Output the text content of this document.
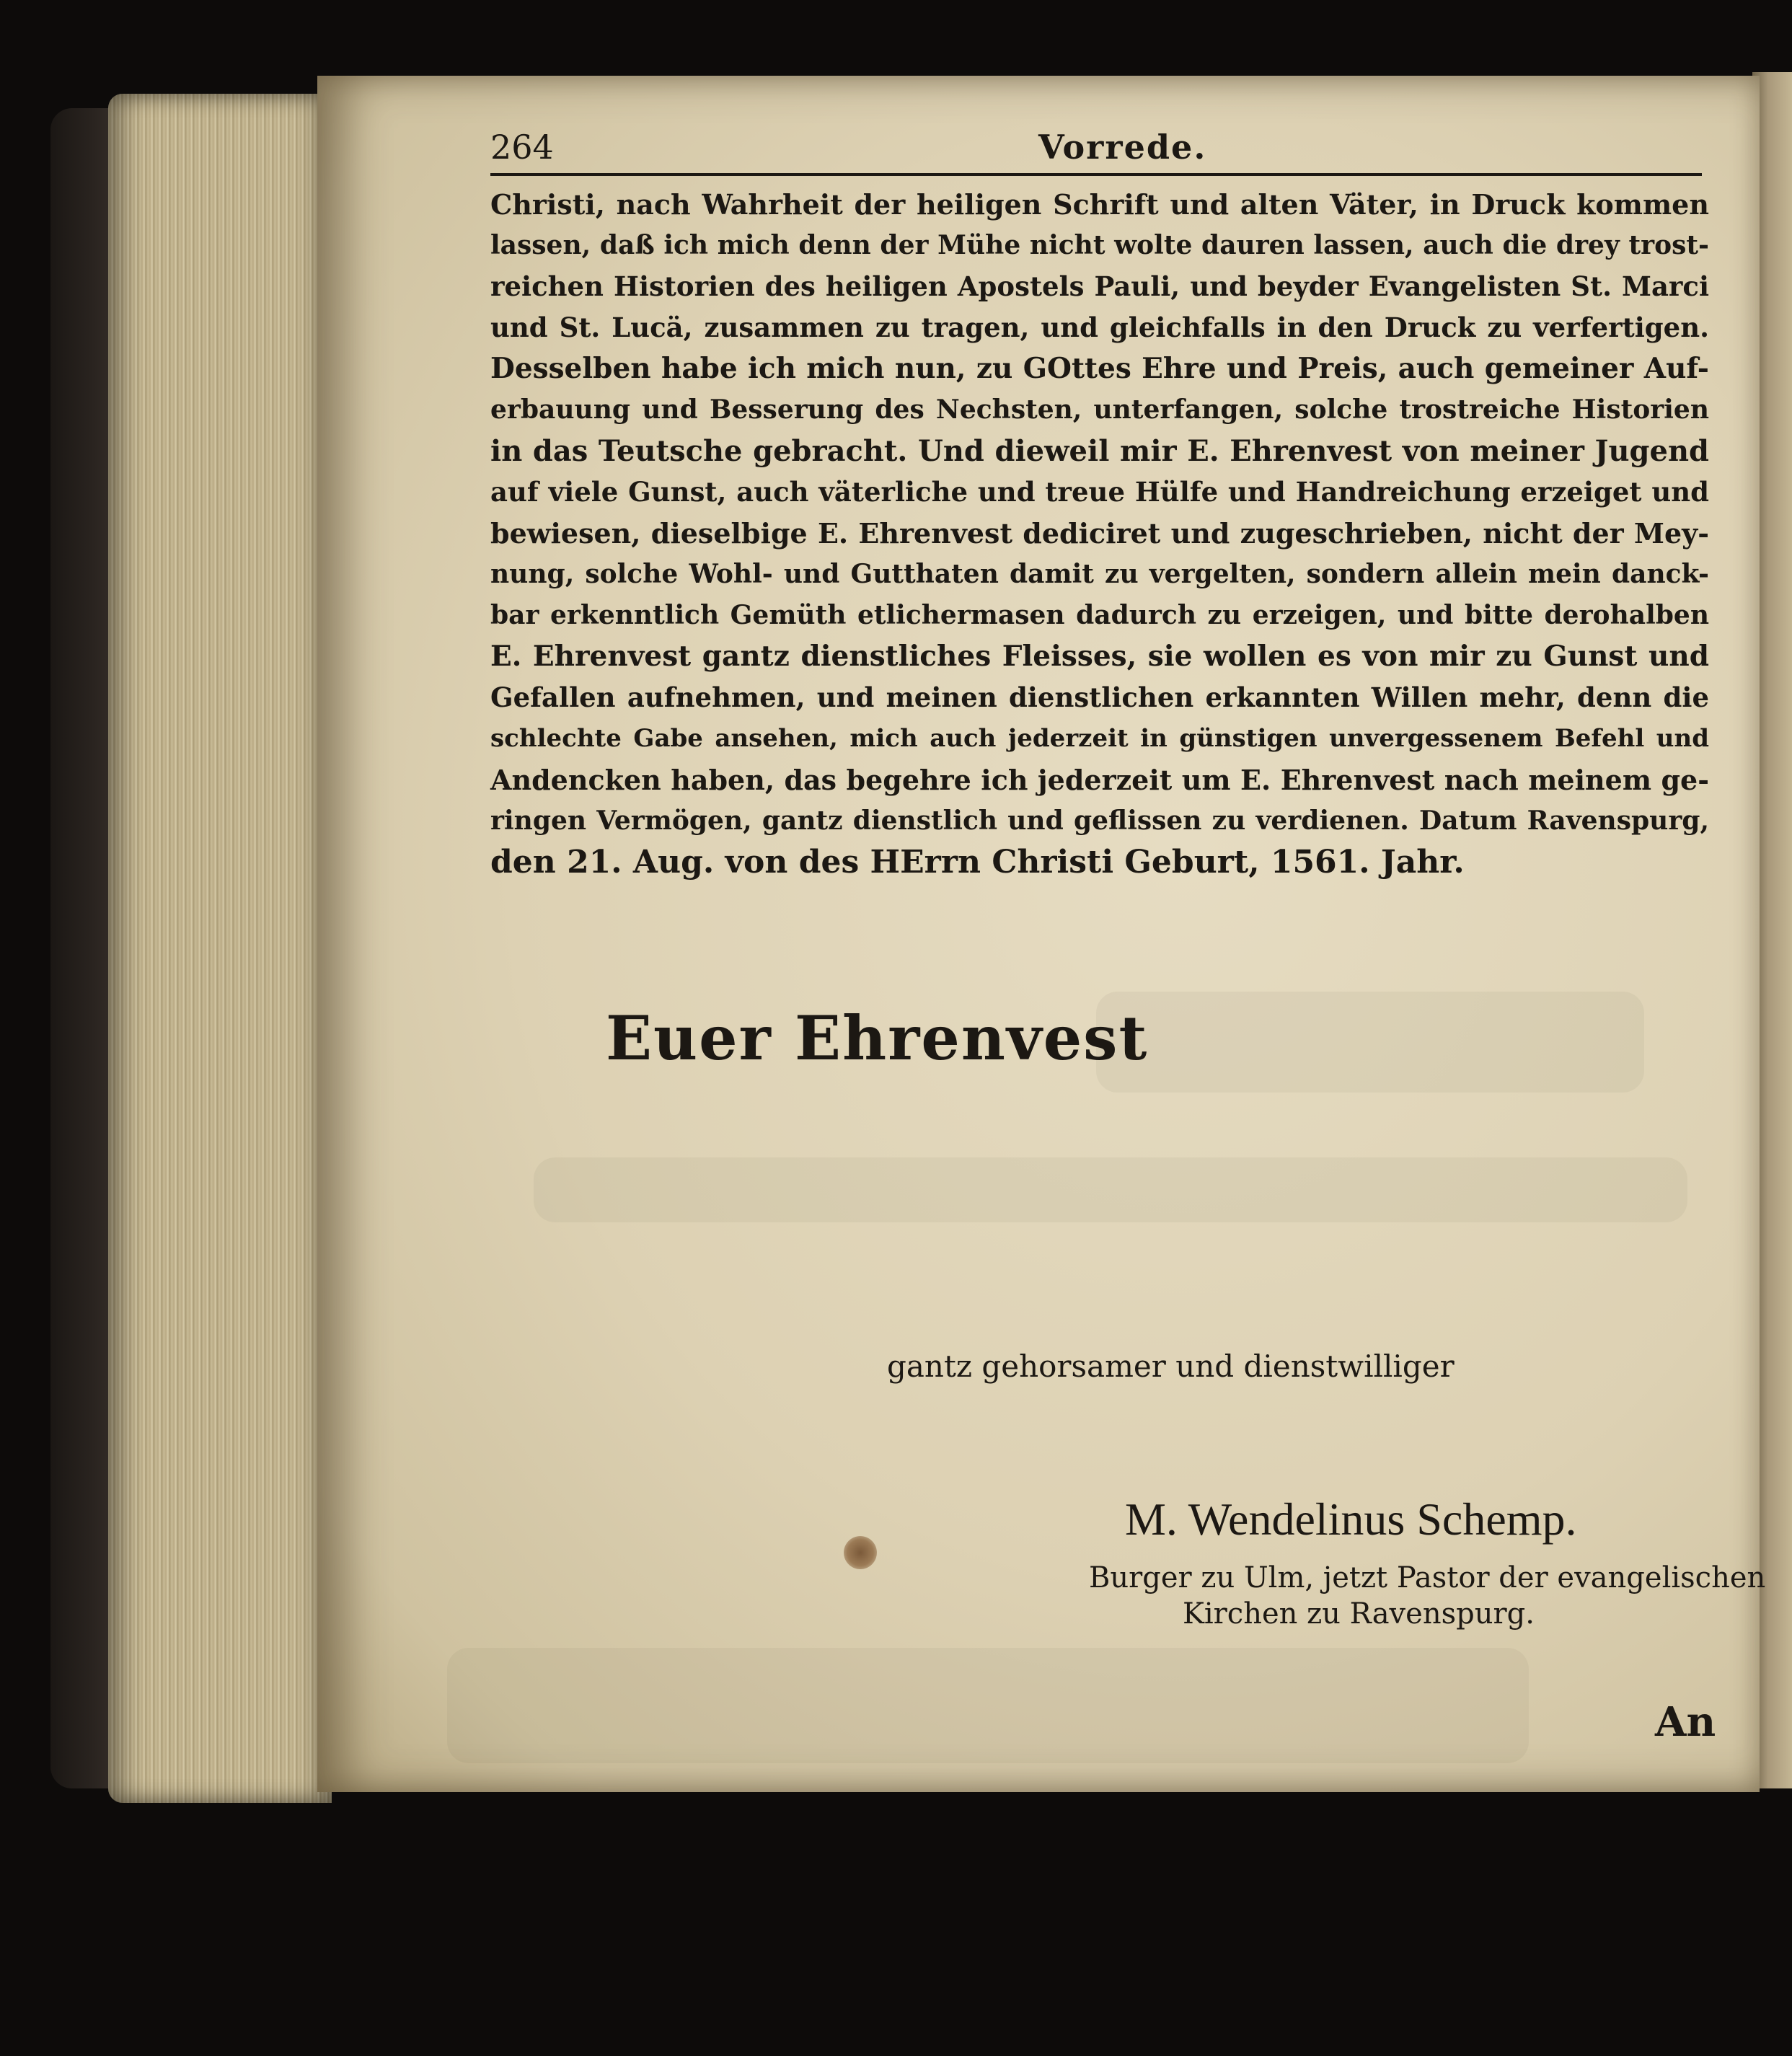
264	Vorrede.
Christi, nach Wahrheit der heiligen Schrift und alten Väter, in Druck kommen
lassen, daß ich mich denn der Mühe nicht wolte dauren lassen, auch die drey trost-
reichen Historien des heiligen Apostels Pauli, und beyder Evangelisten St. Marci
und St. Lucä, zusammen zu tragen, und gleichfalls in den Druck zu verfertigen.
Desselben habe ich mich nun, zu GOttes Ehre und Preis, auch gemeiner Auf-
erbauung und Besserung des Nechsten, unterfangen, solche trostreiche Historien
in das Teutsche gebracht. Und dieweil mir E. Ehrenvest von meiner Jugend
auf viele Gunst, auch väterliche und treue Hülfe und Handreichung erzeiget und
bewiesen, dieselbige E. Ehrenvest dediciret und zugeschrieben, nicht der Mey-
nung, solche Wohl- und Gutthaten damit zu vergelten, sondern allein mein danck-
bar erkenntlich Gemüth etlichermasen dadurch zu erzeigen, und bitte derohalben
E. Ehrenvest gantz dienstliches Fleisses, sie wollen es von mir zu Gunst und
Gefallen aufnehmen, und meinen dienstlichen erkannten Willen mehr, denn die
schlechte Gabe ansehen, mich auch jederzeit in günstigen unvergessenem Befehl und
Andencken haben, das begehre ich jederzeit um E. Ehrenvest nach meinem ge-
ringen Vermögen, gantz dienstlich und geflissen zu verdienen. Datum Ravenspurg,
den 21. Aug. von des HErrn Christi Geburt, 1561. Jahr.
Euer Ehrenvest
gantz gehorsamer und dienstwilliger
M. Wendelinus Schemp.
Burger zu Ulm, jetzt Pastor der evangelischen
Kirchen zu Ravenspurg.
An
